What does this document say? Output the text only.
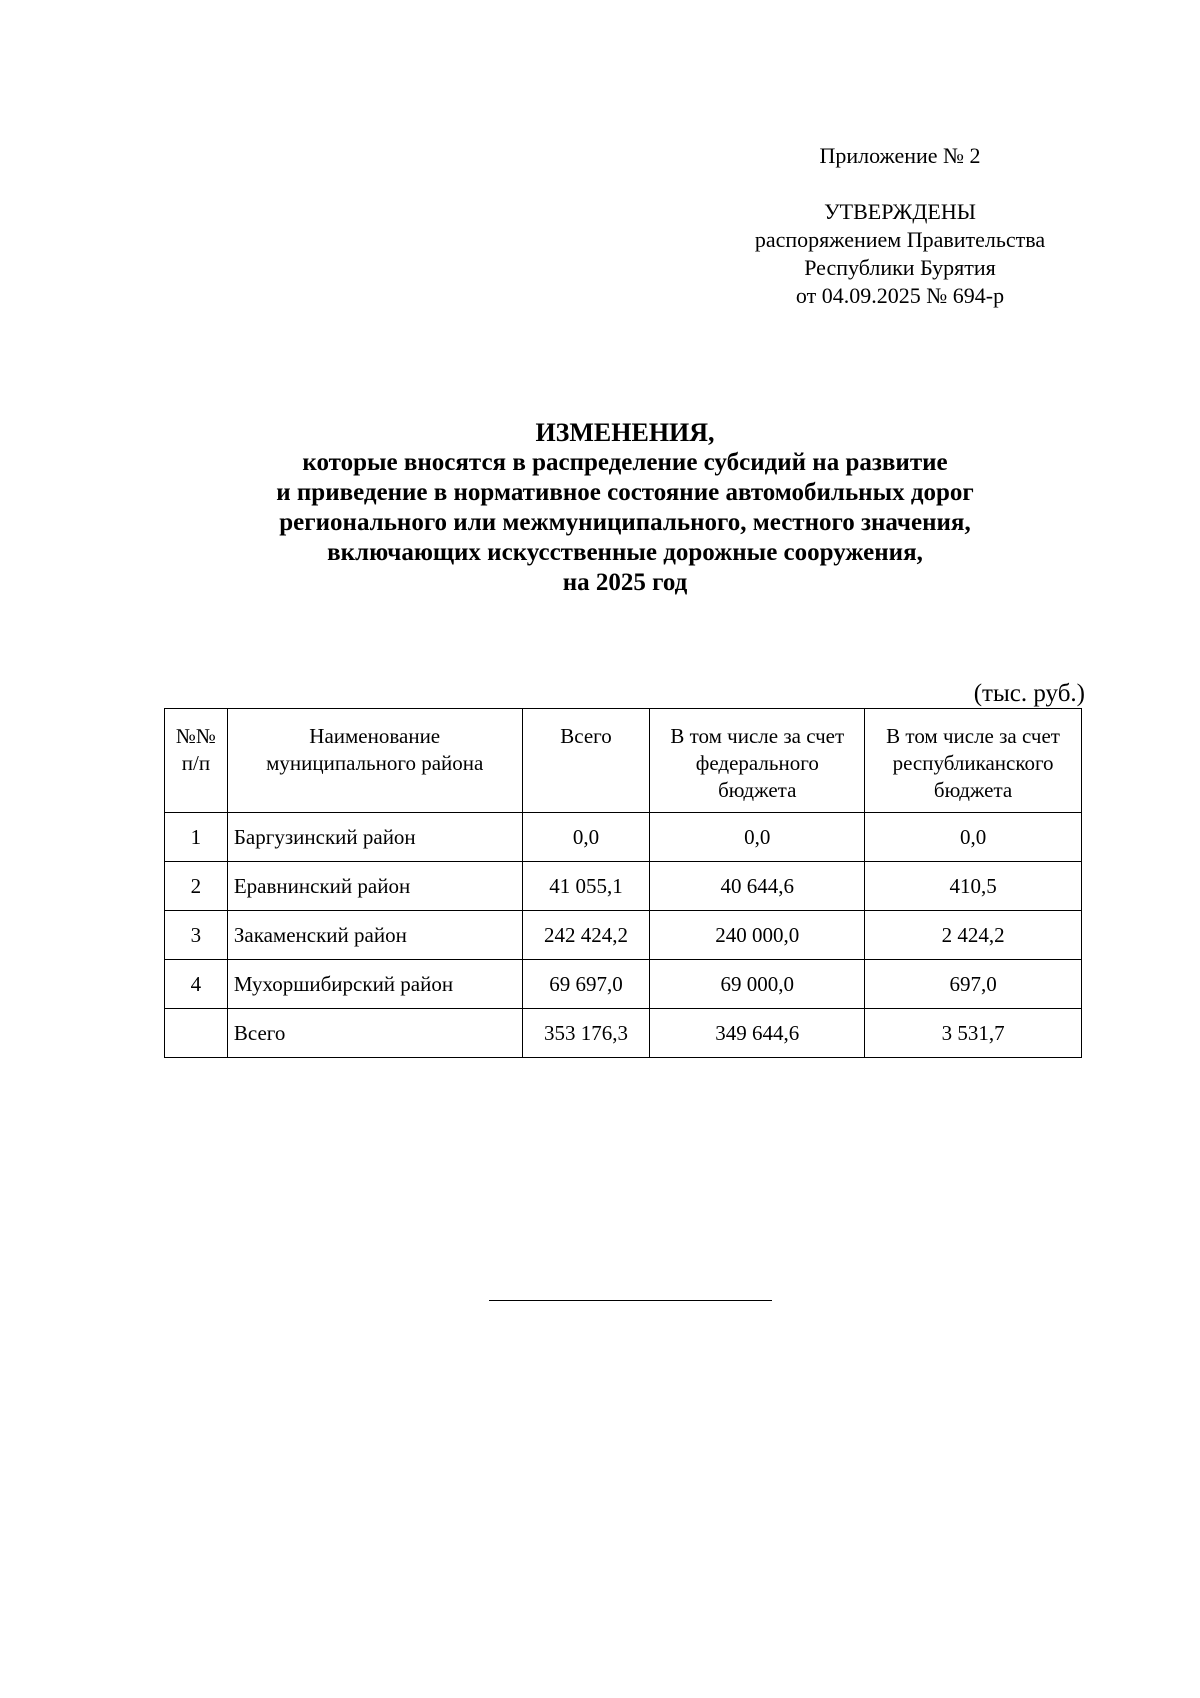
Приложение № 2
УТВЕРЖДЕНЫ
распоряжением Правительства
Республики Бурятия
от 04.09.2025 № 694-р
ИЗМЕНЕНИЯ,
которые вносятся в распределение субсидий на развитие
и приведение в нормативное состояние автомобильных дорог
регионального или межмуниципального, местного значения,
включающих искусственные дорожные сооружения,
на 2025 год
(тыс. руб.)
№№ п/п	Наименование муниципального района	Всего	В том числе за счет федерального бюджета	В том числе за счет республиканского бюджета
1	Баргузинский район	0,0	0,0	0,0
2	Еравнинский район	41 055,1	40 644,6	410,5
3	Закаменский район	242 424,2	240 000,0	2 424,2
4	Мухоршибирский район	69 697,0	69 000,0	697,0
	Всего	353 176,3	349 644,6	3 531,7
